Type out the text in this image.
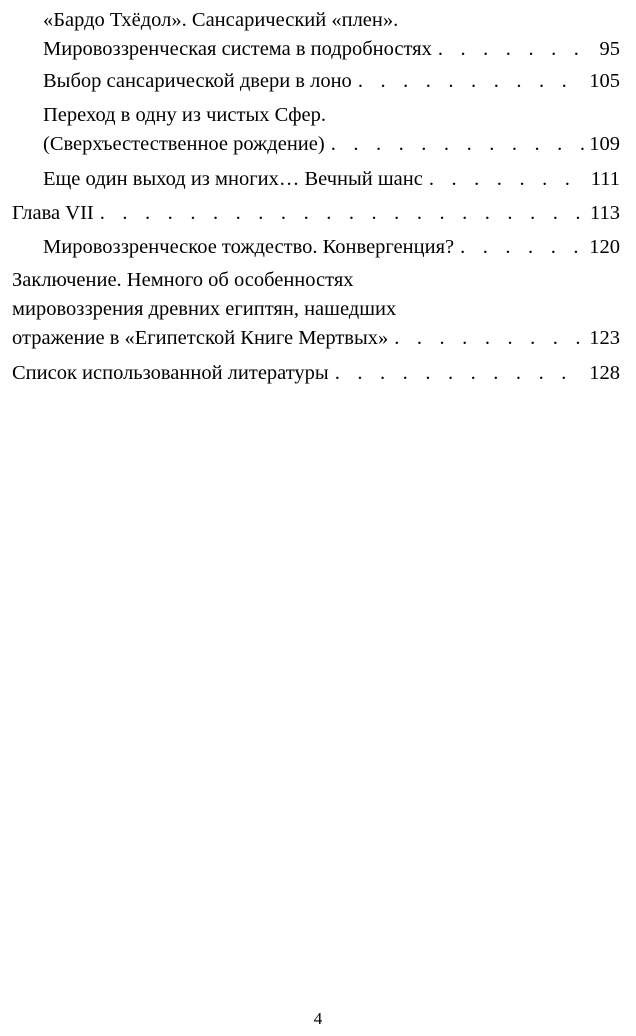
«Бардо Тхёдол». Сансарический «плен».
Мировоззренческая система в подробностях . . .	95
Выбор сансарической двери в лоно . . .	105
Переход в одну из чистых Сфер.
(Сверхъестественное рождение) . . .	109
Еще один выход из многих… Вечный шанс . . .	111
Глава VII . . .	113
Мировоззренческое тождество. Конвергенция? . . .	120
Заключение. Немного об особенностях
мировоззрения древних египтян, нашедших
отражение в «Египетской Книге Мертвых» . . .	123
Список использованной литературы . . .	128
4
